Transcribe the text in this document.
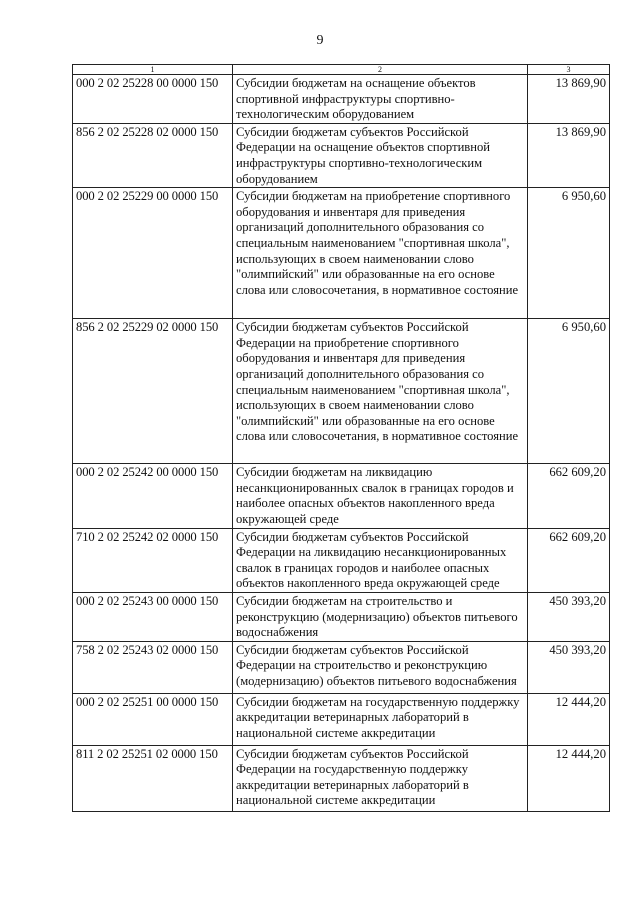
9
1	2	3
000 2 02 25228 00 0000 150	Субсидии бюджетам на оснащение объектов спортивной инфраструктуры спортивно-технологическим оборудованием	13 869,90
856 2 02 25228 02 0000 150	Субсидии бюджетам субъектов Российской Федерации на оснащение объектов спортивной инфраструктуры спортивно-технологическим оборудованием	13 869,90
000 2 02 25229 00 0000 150	Субсидии бюджетам на приобретение спортивного оборудования и инвентаря для приведения организаций дополнительного образования со специальным наименованием "спортивная школа", использующих в своем наименовании слово "олимпийский" или образованные на его основе слова или словосочетания, в нормативное состояние	6 950,60
856 2 02 25229 02 0000 150	Субсидии бюджетам субъектов Российской Федерации на приобретение спортивного оборудования и инвентаря для приведения организаций дополнительного образования со специальным наименованием "спортивная школа", использующих в своем наименовании слово "олимпийский" или образованные на его основе слова или словосочетания, в нормативное состояние	6 950,60
000 2 02 25242 00 0000 150	Субсидии бюджетам на ликвидацию несанкционированных свалок в границах городов и наиболее опасных объектов накопленного вреда окружающей среде	662 609,20
710 2 02 25242 02 0000 150	Субсидии бюджетам субъектов Российской Федерации на ликвидацию несанкционированных свалок в границах городов и наиболее опасных объектов накопленного вреда окружающей среде	662 609,20
000 2 02 25243 00 0000 150	Субсидии бюджетам на строительство и реконструкцию (модернизацию) объектов питьевого водоснабжения	450 393,20
758 2 02 25243 02 0000 150	Субсидии бюджетам субъектов Российской Федерации на строительство и реконструкцию (модернизацию) объектов питьевого водоснабжения	450 393,20
000 2 02 25251 00 0000 150	Субсидии бюджетам на государственную поддержку аккредитации ветеринарных лабораторий в национальной системе аккредитации	12 444,20
811 2 02 25251 02 0000 150	Субсидии бюджетам субъектов Российской Федерации на государственную поддержку аккредитации ветеринарных лабораторий в национальной системе аккредитации	12 444,20
